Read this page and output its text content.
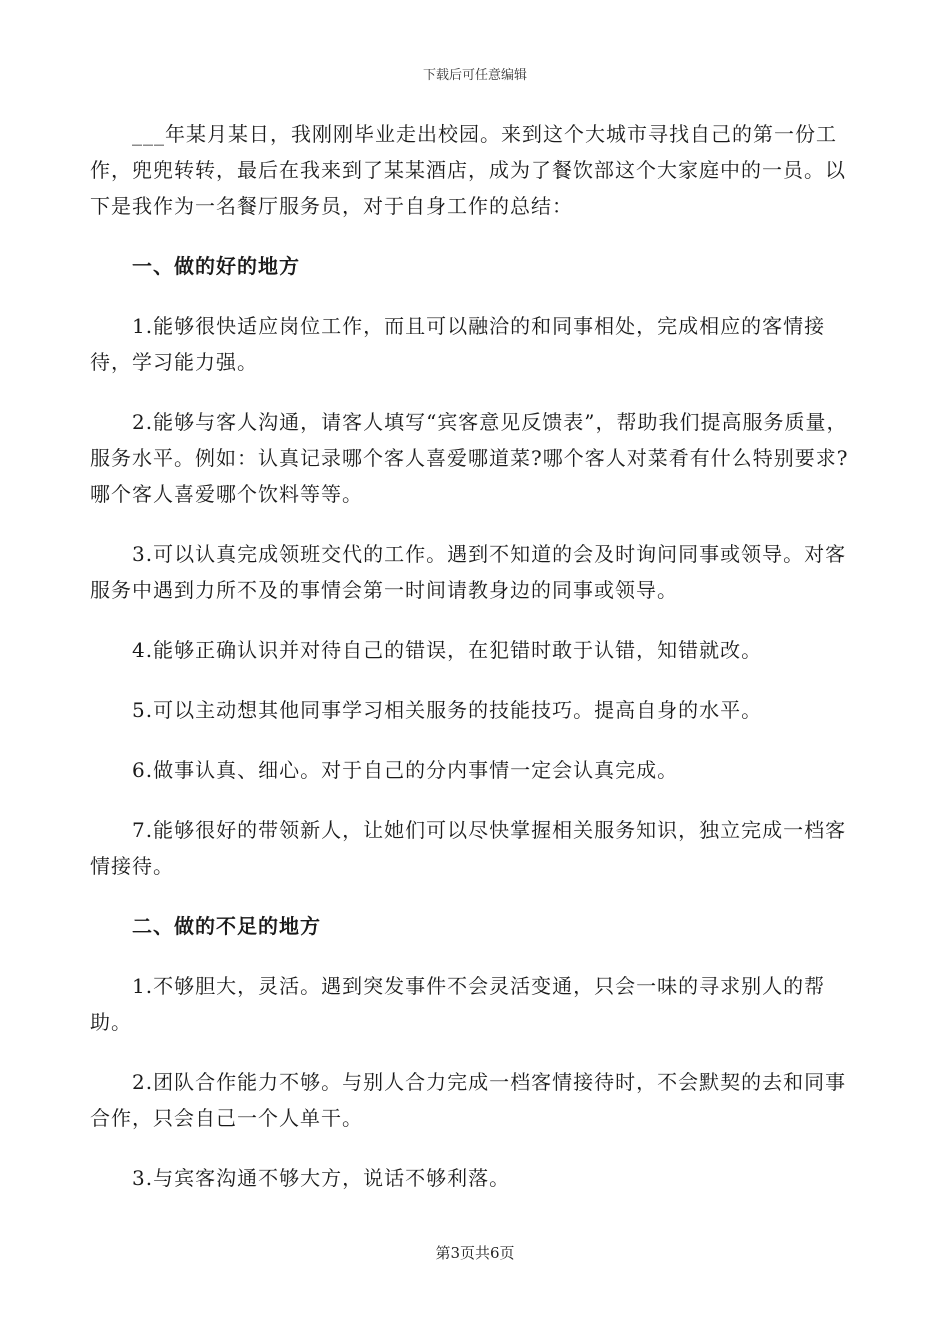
下载后可任意编辑

___年某月某日，我刚刚毕业走出校园。来到这个大城市寻找自己的第一份工作，兜兜转转，最后在我来到了某某酒店，成为了餐饮部这个大家庭中的一员。以下是我作为一名餐厅服务员，对于自身工作的总结：

一、做的好的地方

1.能够很快适应岗位工作，而且可以融洽的和同事相处，完成相应的客情接待，学习能力强。

2.能够与客人沟通，请客人填写“宾客意见反馈表”，帮助我们提高服务质量，服务水平。例如：认真记录哪个客人喜爱哪道菜?哪个客人对菜肴有什么特别要求?哪个客人喜爱哪个饮料等等。

3.可以认真完成领班交代的工作。遇到不知道的会及时询问同事或领导。对客服务中遇到力所不及的事情会第一时间请教身边的同事或领导。

4.能够正确认识并对待自己的错误，在犯错时敢于认错，知错就改。

5.可以主动想其他同事学习相关服务的技能技巧。提高自身的水平。

6.做事认真、细心。对于自己的分内事情一定会认真完成。

7.能够很好的带领新人，让她们可以尽快掌握相关服务知识，独立完成一档客情接待。

二、做的不足的地方

1.不够胆大，灵活。遇到突发事件不会灵活变通，只会一味的寻求别人的帮助。

2.团队合作能力不够。与别人合力完成一档客情接待时，不会默契的去和同事合作，只会自己一个人单干。

3.与宾客沟通不够大方，说话不够利落。

第3页共6页
